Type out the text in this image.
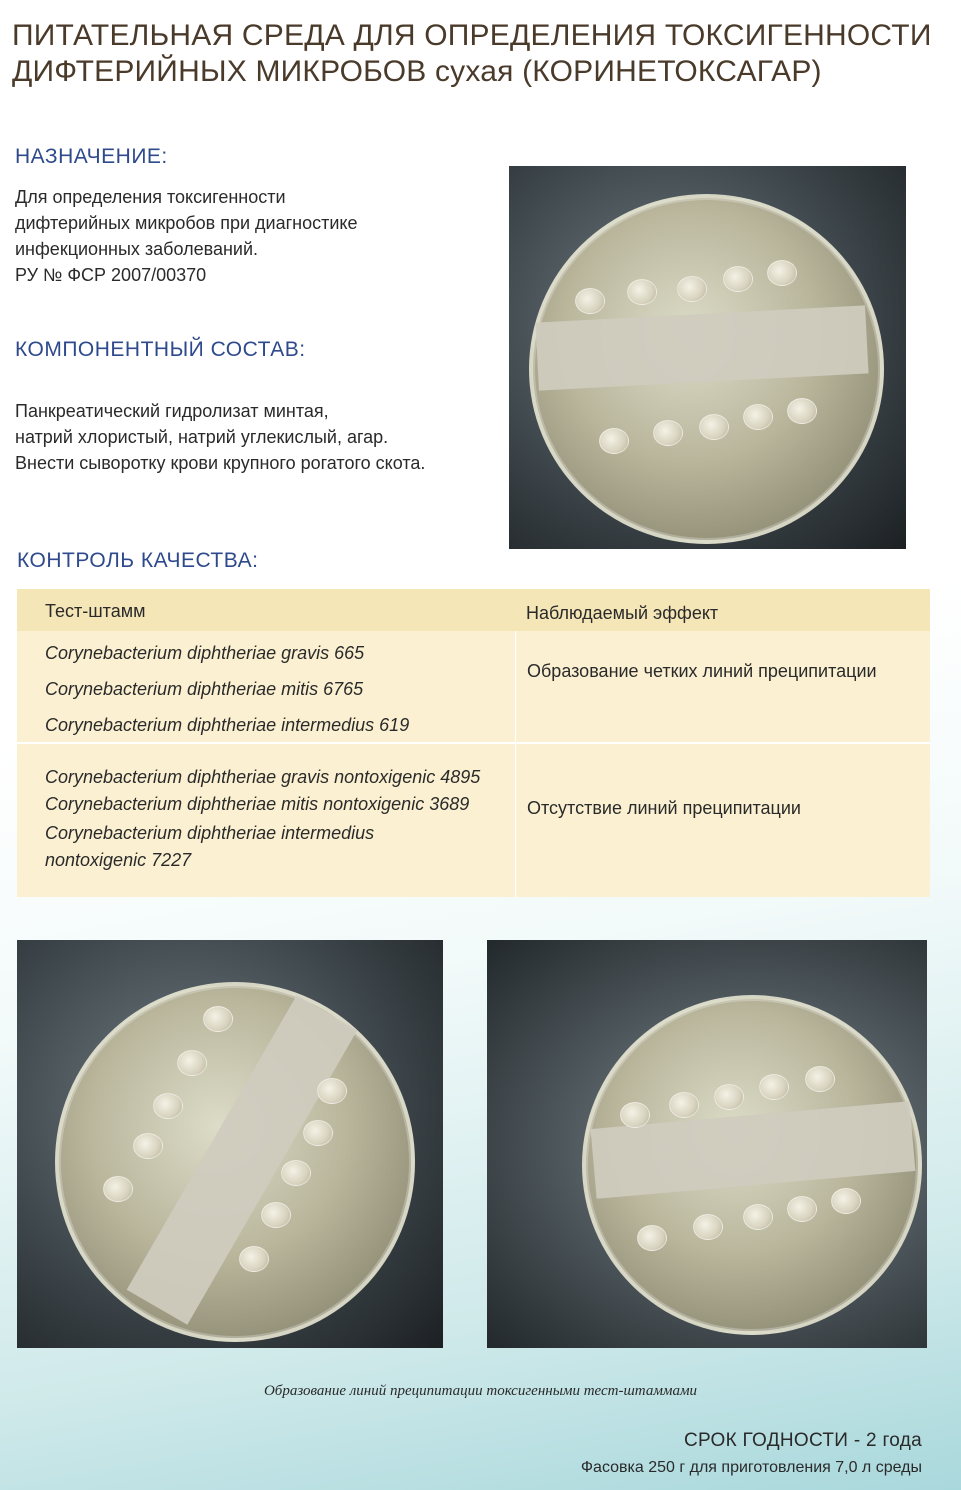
ПИТАТЕЛЬНАЯ СРЕДА ДЛЯ ОПРЕДЕЛЕНИЯ ТОКСИГЕННОСТИ
ДИФТЕРИЙНЫХ МИКРОБОВ сухая (КОРИНЕТОКСАГАР)
НАЗНАЧЕНИЕ:
Для определения токсигенности
дифтерийных микробов при диагностике
инфекционных заболеваний.
РУ № ФСР 2007/00370
КОМПОНЕНТНЫЙ СОСТАВ:
Панкреатический гидролизат минтая,
натрий хлористый, натрий углекислый, агар.
Внести сыворотку крови крупного рогатого скота.
КОНТРОЛЬ КАЧЕСТВА:
Тест-штамм	Наблюдаемый эффект
Corynebacterium diphtheriae gravis 665
Corynebacterium diphtheriae mitis 6765
Corynebacterium diphtheriae intermedius 619
Образование четких линий преципитации
Corynebacterium diphtheriae gravis nontoxigenic 4895
Corynebacterium diphtheriae mitis nontoxigenic 3689
Corynebacterium diphtheriae intermedius
nontoxigenic 7227
Отсутствие линий преципитации
Образование линий преципитации токсигенными тест-штаммами
СРОК ГОДНОСТИ - 2 года
Фасовка 250 г для приготовления 7,0 л среды
